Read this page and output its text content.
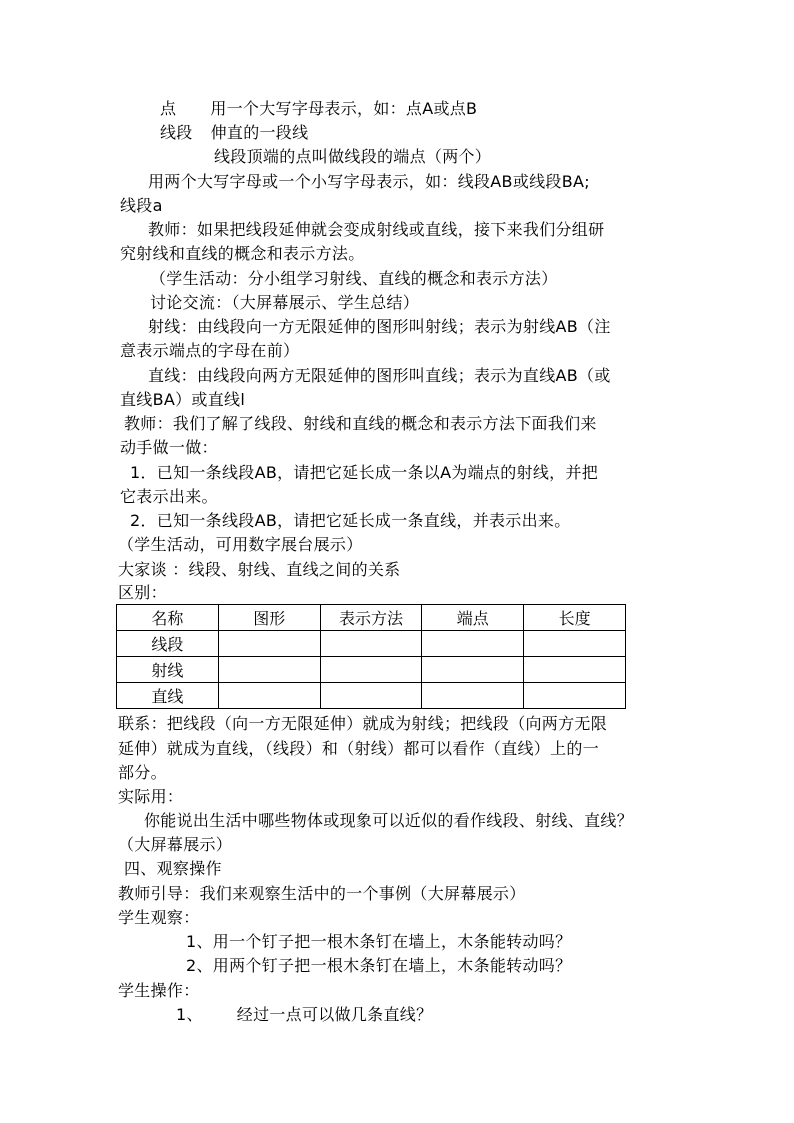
点 用一个大写字母表示，如：点A或点B
线段 伸直的一段线
线段顶端的点叫做线段的端点（两个）
用两个大写字母或一个小写字母表示，如：线段AB或线段BA;
线段a
教师：如果把线段延伸就会变成射线或直线，接下来我们分组研
究射线和直线的概念和表示方法。
（学生活动：分小组学习射线、直线的概念和表示方法）
讨论交流：（大屏幕展示、学生总结）
射线：由线段向一方无限延伸的图形叫射线；表示为射线AB（注
意表示端点的字母在前）
直线：由线段向两方无限延伸的图形叫直线；表示为直线AB（或
直线BA）或直线l
教师：我们了解了线段、射线和直线的概念和表示方法下面我们来
动手做一做：
1．已知一条线段AB，请把它延长成一条以A为端点的射线，并把
它表示出来。
2．已知一条线段AB，请把它延长成一条直线，并表示出来。
（学生活动，可用数字展台展示）
大家谈 ：线段、射线、直线之间的关系
区别：
名称	图形	表示方法	端点	长度
线段				
射线				
直线				
联系：把线段（向一方无限延伸）就成为射线；把线段（向两方无限
延伸）就成为直线，（线段）和（射线）都可以看作（直线）上的一
部分。
实际用：
你能说出生活中哪些物体或现象可以近似的看作线段、射线、直线？
（大屏幕展示）
四、观察操作
教师引导：我们来观察生活中的一个事例（大屏幕展示）
学生观察：
1、用一个钉子把一根木条钉在墙上，木条能转动吗？
2、用两个钉子把一根木条钉在墙上，木条能转动吗？
学生操作：
1、 经过一点可以做几条直线？
